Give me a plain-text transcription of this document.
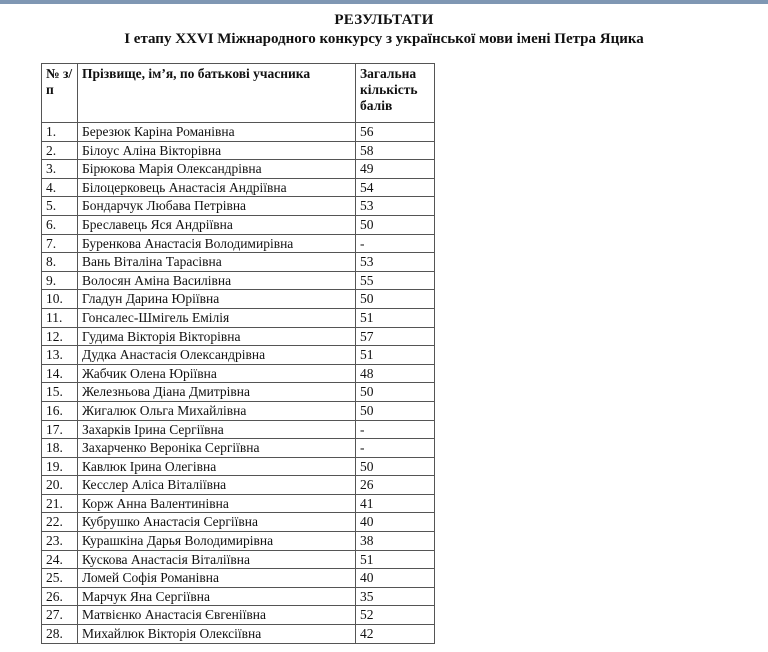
РЕЗУЛЬТАТИ
І етапу XXVI Міжнародного конкурсу з української мови імені Петра Яцика
№ з/п	Прізвище, ім’я, по батькові учасника	Загальна кількість балів
1.	Березюк Каріна Романівна	56
2.	Білоус Аліна Вікторівна	58
3.	Бірюкова Марія Олександрівна	49
4.	Білоцерковець Анастасія Андріївна	54
5.	Бондарчук Любава Петрівна	53
6.	Бреславець Яся Андріївна	50
7.	Буренкова Анастасія Володимирівна	-
8.	Вань Віталіна Тарасівна	53
9.	Волосян Аміна Василівна	55
10.	Гладун Дарина Юріївна	50
11.	Гонсалес-Шмігель Емілія	51
12.	Гудима Вікторія Вікторівна	57
13.	Дудка Анастасія Олександрівна	51
14.	Жабчик Олена Юріївна	48
15.	Железньова Діана Дмитрівна	50
16.	Жигалюк Ольга Михайлівна	50
17.	Захарків Ірина Сергіївна	-
18.	Захарченко Вероніка Сергіївна	-
19.	Кавлюк Ірина Олегівна	50
20.	Кесслер Аліса Віталіївна	26
21.	Корж Анна Валентинівна	41
22.	Кубрушко Анастасія Сергіївна	40
23.	Курашкіна Дарья Володимирівна	38
24.	Кускова Анастасія Віталіївна	51
25.	Ломей Софія Романівна	40
26.	Марчук Яна Сергіївна	35
27.	Матвієнко Анастасія Євгеніївна	52
28.	Михайлюк Вікторія Олексіївна	42
